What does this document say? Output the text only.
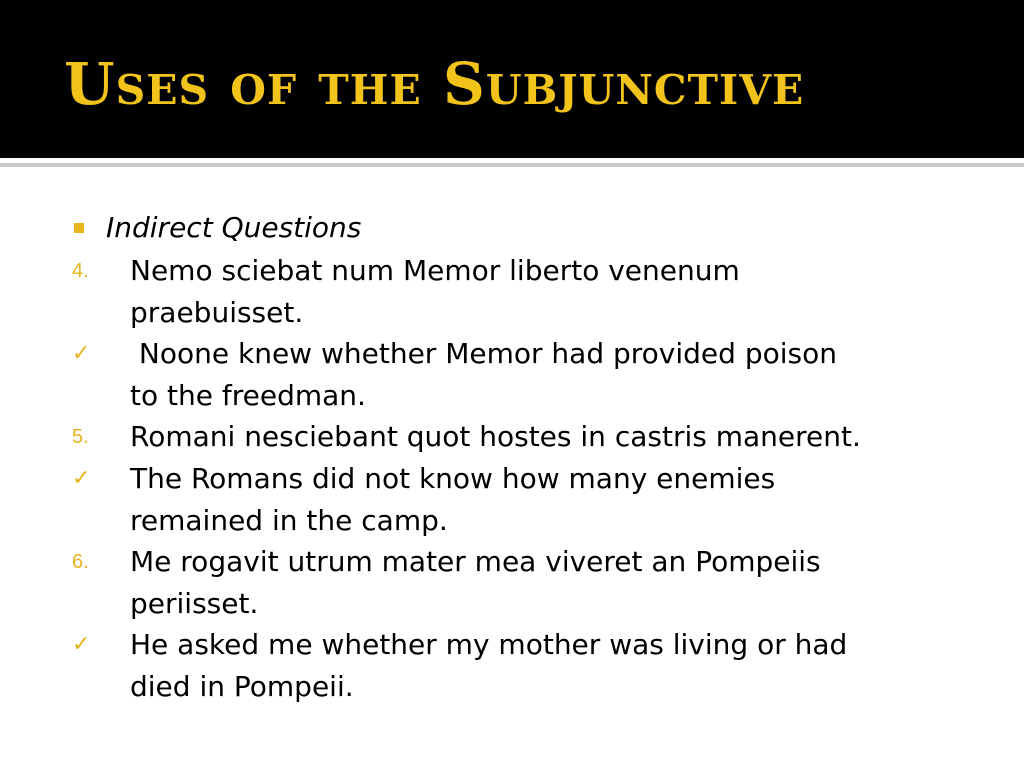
Uses of the Subjunctive
Indirect Questions
4. Nemo sciebat num Memor liberto venenum
praebuisset.
✓	Noone knew whether Memor had provided poison
to the freedman.
5. Romani nesciebant quot hostes in castris manerent.
✓ The Romans did not know how many enemies
remained in the camp.
6. Me rogavit utrum mater mea viveret an Pompeiis
periisset.
✓ He asked me whether my mother was living or had
died in Pompeii.
